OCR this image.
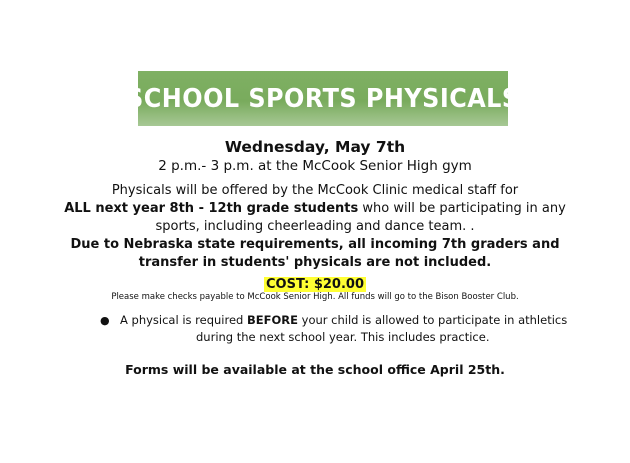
SCHOOL SPORTS PHYSICALS
Wednesday, May 7th
2 p.m.- 3 p.m. at the McCook Senior High gym
Physicals will be offered by the McCook Clinic medical staff for
ALL next year 8th - 12th grade students who will be participating in any
sports, including cheerleading and dance team. .
Due to Nebraska state requirements, all incoming 7th graders and
transfer in students' physicals are not included.
COST: $20.00
Please make checks payable to McCook Senior High. All funds will go to the Bison Booster Club.
● A physical is required BEFORE your child is allowed to participate in athletics
during the next school year. This includes practice.
Forms will be available at the school office April 25th.
